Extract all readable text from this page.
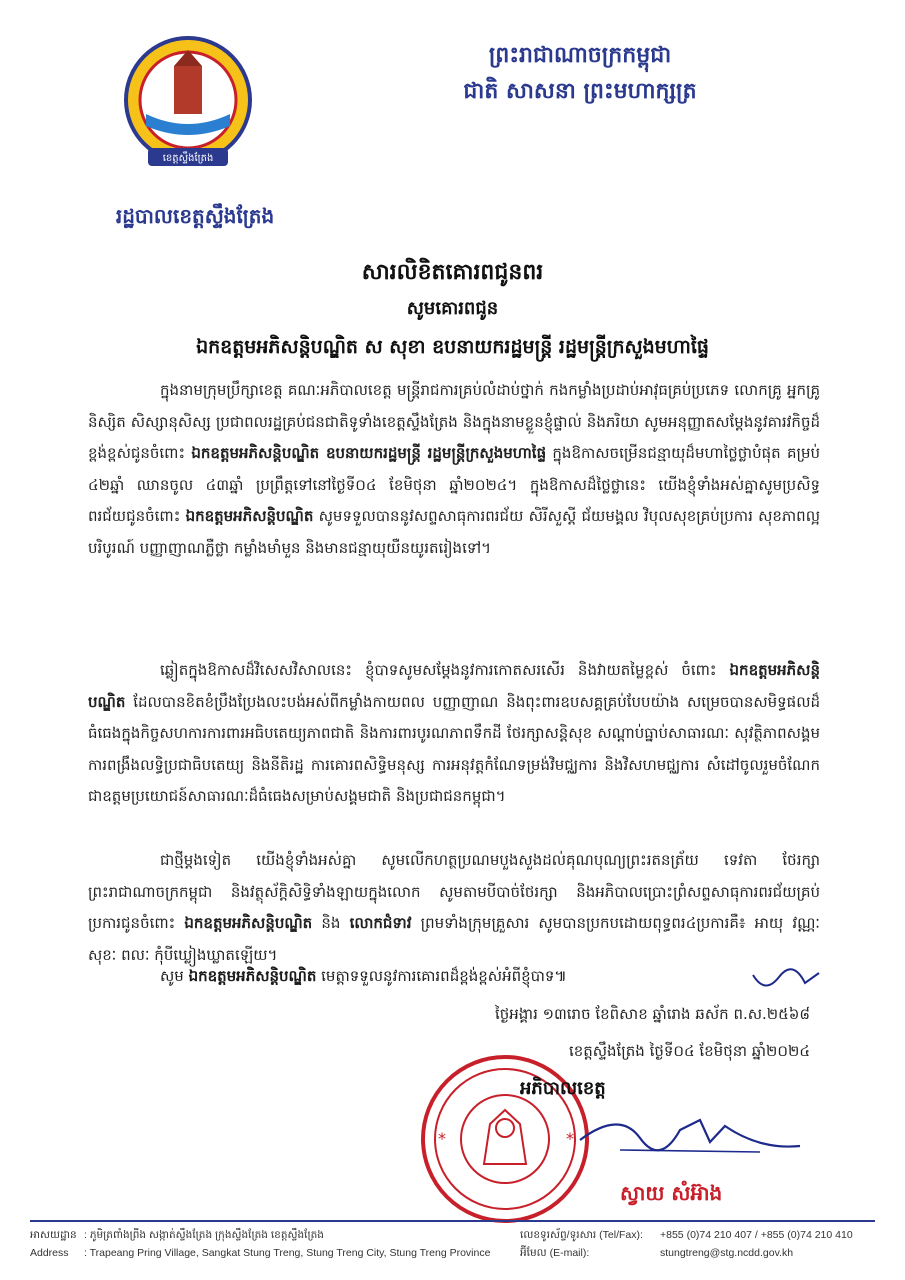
ព្រះរាជាណាចក្រកម្ពុជា
ជាតិ សាសនា ព្រះមហាក្សត្រ
ខេត្តស្ទឹងត្រែង
រដ្ឋបាលខេត្តស្ទឹងត្រែង
សារលិខិតគោរពជូនពរ
សូមគោរពជូន
ឯកឧត្តមអភិសន្តិបណ្ឌិត ស សុខា ឧបនាយករដ្ឋមន្ត្រី រដ្ឋមន្ត្រីក្រសួងមហាផ្ទៃ
ក្នុងនាមក្រុមប្រឹក្សាខេត្ត គណៈអភិបាលខេត្ត មន្ត្រីរាជការគ្រប់លំដាប់ថ្នាក់ កងកម្លាំងប្រដាប់អាវុធគ្រប់ប្រភេទ លោកគ្រូ អ្នកគ្រូ និស្សិត សិស្សានុសិស្ស ប្រជាពលរដ្ឋគ្រប់ជនជាតិទូទាំងខេត្តស្ទឹងត្រែង និងក្នុងនាមខ្លួនខ្ញុំផ្ទាល់ និងភរិយា សូមអនុញ្ញាតសម្តែងនូវគារវកិច្ចដ៏ខ្ពង់ខ្ពស់ជូនចំពោះ ឯកឧត្តមអភិសន្តិបណ្ឌិត ឧបនាយករដ្ឋមន្ត្រី រដ្ឋមន្ត្រីក្រសួងមហាផ្ទៃ ក្នុងឱកាសចម្រើនជន្មាយុដ៏មហាថ្លៃថ្លាបំផុត គម្រប់ ៤២ឆ្នាំ ឈានចូល ៤៣ឆ្នាំ ប្រព្រឹត្តទៅនៅថ្ងៃទី០៤ ខែមិថុនា ឆ្នាំ២០២៤។ ក្នុងឱកាសដ៏ថ្លៃថ្លានេះ យើងខ្ញុំទាំងអស់គ្នាសូមប្រសិទ្ធពរជ័យជូនចំពោះ ឯកឧត្តមអភិសន្តិបណ្ឌិត សូមទទួលបាននូវសព្ទសាធុការពរជ័យ សិរីសួស្តី ជ័យមង្គល វិបុលសុខគ្រប់ប្រការ សុខភាពល្អបរិបូរណ៍ បញ្ញាញាណភ្លឺថ្លា កម្លាំងមាំមួន និងមានជន្មាយុយឺនយូរតរៀងទៅ។
ឆ្លៀតក្នុងឱកាសដ៏វិសេសវិសាលនេះ ខ្ញុំបាទសូមសម្តែងនូវការកោតសរសើរ និងវាយតម្លៃខ្ពស់ ចំពោះ ឯកឧត្តមអភិសន្តិបណ្ឌិត ដែលបានខិតខំប្រឹងប្រែងលះបង់អស់ពីកម្លាំងកាយពល បញ្ញាញាណ និងពុះពារឧបសគ្គគ្រប់បែបយ៉ាង សម្រេចបានសមិទ្ធផលដ៏ធំធេងក្នុងកិច្ចសហការការពារអធិបតេយ្យភាពជាតិ និងការពារបូរណភាពទឹកដី ថែរក្សាសន្តិសុខ សណ្តាប់ធ្នាប់សាធារណៈ សុវត្ថិភាពសង្គម ការពង្រឹងលទ្ធិប្រជាធិបតេយ្យ និងនីតិរដ្ឋ ការគោរពសិទ្ធិមនុស្ស ការអនុវត្តកំណែទម្រង់វិមជ្ឈការ និងវិសហមជ្ឈការ សំដៅចូលរួមចំណែកជាឧត្តមប្រយោជន៍សាធារណៈដ៏ធំធេងសម្រាប់សង្គមជាតិ និងប្រជាជនកម្ពុជា។
ជាថ្មីម្តងទៀត យើងខ្ញុំទាំងអស់គ្នា សូមលើកហត្ថប្រណមបួងសួងដល់គុណបុណ្យព្រះរតនត្រ័យ ទេវតា ថែរក្សាព្រះរាជាណាចក្រកម្ពុជា និងវត្ថុស័ក្តិសិទ្ធិទាំងឡាយក្នុងលោក សូមតាមបីបាច់ថែរក្សា និងអភិបាលប្រោះព្រំសព្ទសាធុការពរជ័យគ្រប់ប្រការជូនចំពោះ ឯកឧត្តមអភិសន្តិបណ្ឌិត និង លោកជំទាវ ព្រមទាំងក្រុមគ្រួសារ សូមបានប្រកបដោយពុទ្ធពរ៤ប្រការគឺ៖ អាយុ វណ្ណៈ សុខៈ ពលៈ កុំបីឃ្លៀងឃ្លាតឡើយ។
សូម ឯកឧត្តមអភិសន្តិបណ្ឌិត មេត្តាទទួលនូវការគោរពដ៏ខ្ពង់ខ្ពស់អំពីខ្ញុំបាទ៕
ថ្ងៃអង្គារ ១៣រោច ខែពិសាខ ឆ្នាំរោង ឆស័ក ព.ស.២៥៦៨
ខេត្តស្ទឹងត្រែង ថ្ងៃទី០៤ ខែមិថុនា ឆ្នាំ២០២៤
*	*
អភិបាលខេត្ត
ស្វាយ សំអ៊ាង
អាសយដ្ឋាន : ភូមិត្រពាំងព្រីង សង្កាត់ស្ទឹងត្រែង ក្រុងស្ទឹងត្រែង ខេត្តស្ទឹងត្រែង
Address : Trapeang Pring Village, Sangkat Stung Treng, Stung Treng City, Stung Treng Province
លេខទូរស័ព្ទ/ទូរសារ (Tel/Fax): +855 (0)74 210 407 / +855 (0)74 210 410
អ៊ីមែល (E-mail):	stungtreng@stg.ncdd.gov.kh
